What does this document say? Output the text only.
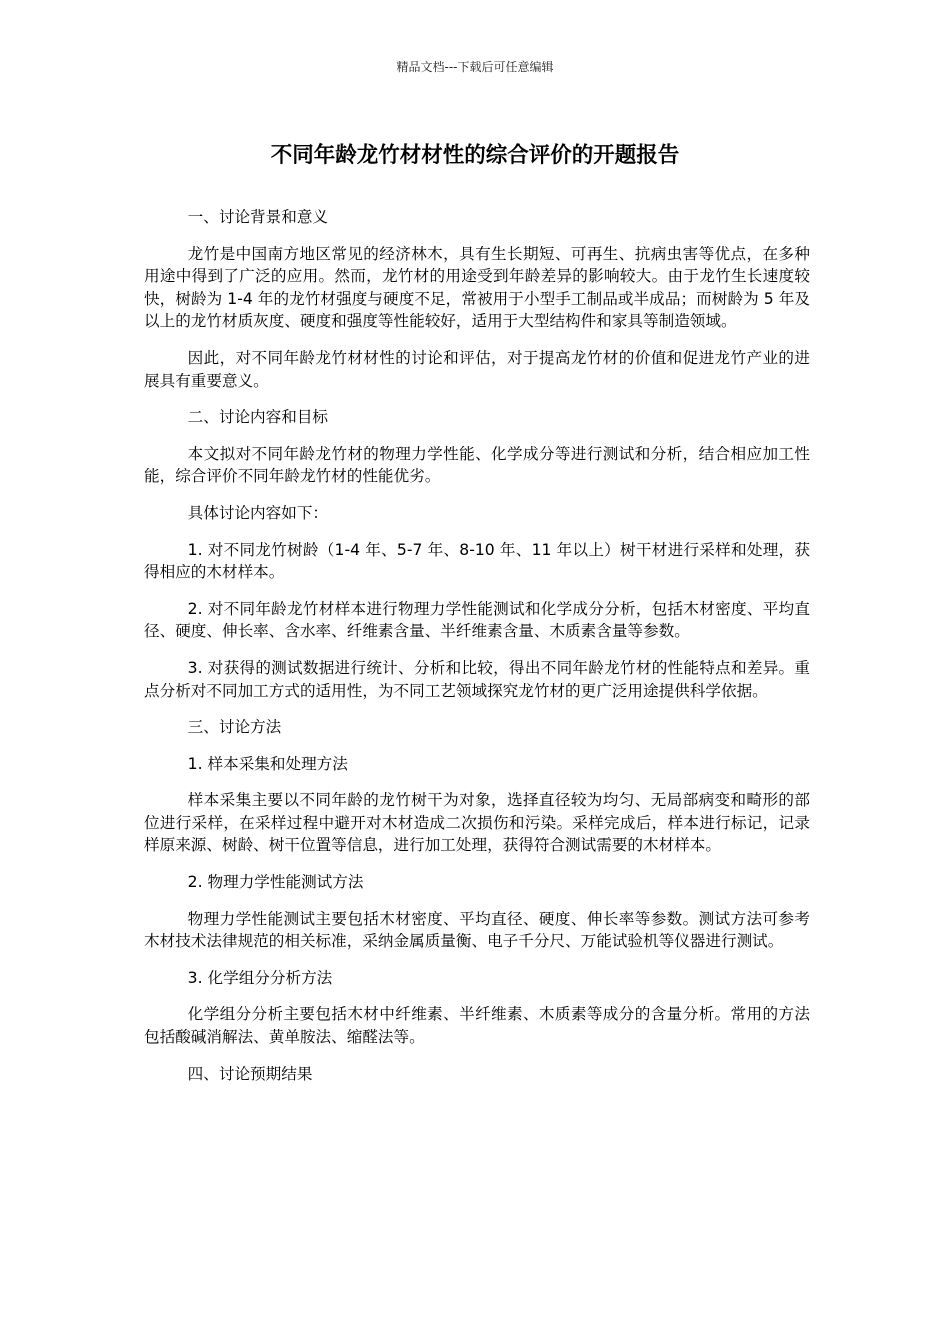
精品文档---下载后可任意编辑
不同年龄龙竹材材性的综合评价的开题报告

一、讨论背景和意义

龙竹是中国南方地区常见的经济林木，具有生长期短、可再生、抗病虫害等优点，在多种用途中得到了广泛的应用。然而，龙竹材的用途受到年龄差异的影响较大。由于龙竹生长速度较快，树龄为 1-4 年的龙竹材强度与硬度不足，常被用于小型手工制品或半成品；而树龄为 5 年及以上的龙竹材质灰度、硬度和强度等性能较好，适用于大型结构件和家具等制造领域。

因此，对不同年龄龙竹材材性的讨论和评估，对于提高龙竹材的价值和促进龙竹产业的进展具有重要意义。

二、讨论内容和目标

本文拟对不同年龄龙竹材的物理力学性能、化学成分等进行测试和分析，结合相应加工性能，综合评价不同年龄龙竹材的性能优劣。

具体讨论内容如下：

1. 对不同龙竹树龄（1-4 年、5-7 年、8-10 年、11 年以上）树干材进行采样和处理，获得相应的木材样本。

2. 对不同年龄龙竹材样本进行物理力学性能测试和化学成分分析，包括木材密度、平均直径、硬度、伸长率、含水率、纤维素含量、半纤维素含量、木质素含量等参数。

3. 对获得的测试数据进行统计、分析和比较，得出不同年龄龙竹材的性能特点和差异。重点分析对不同加工方式的适用性，为不同工艺领域探究龙竹材的更广泛用途提供科学依据。

三、讨论方法

1. 样本采集和处理方法

样本采集主要以不同年龄的龙竹树干为对象，选择直径较为均匀、无局部病变和畸形的部位进行采样，在采样过程中避开对木材造成二次损伤和污染。采样完成后，样本进行标记，记录样原来源、树龄、树干位置等信息，进行加工处理，获得符合测试需要的木材样本。

2. 物理力学性能测试方法

物理力学性能测试主要包括木材密度、平均直径、硬度、伸长率等参数。测试方法可参考木材技术法律规范的相关标准，采纳金属质量衡、电子千分尺、万能试验机等仪器进行测试。

3. 化学组分分析方法

化学组分分析主要包括木材中纤维素、半纤维素、木质素等成分的含量分析。常用的方法包括酸碱消解法、黄单胺法、缩醛法等。

四、讨论预期结果
